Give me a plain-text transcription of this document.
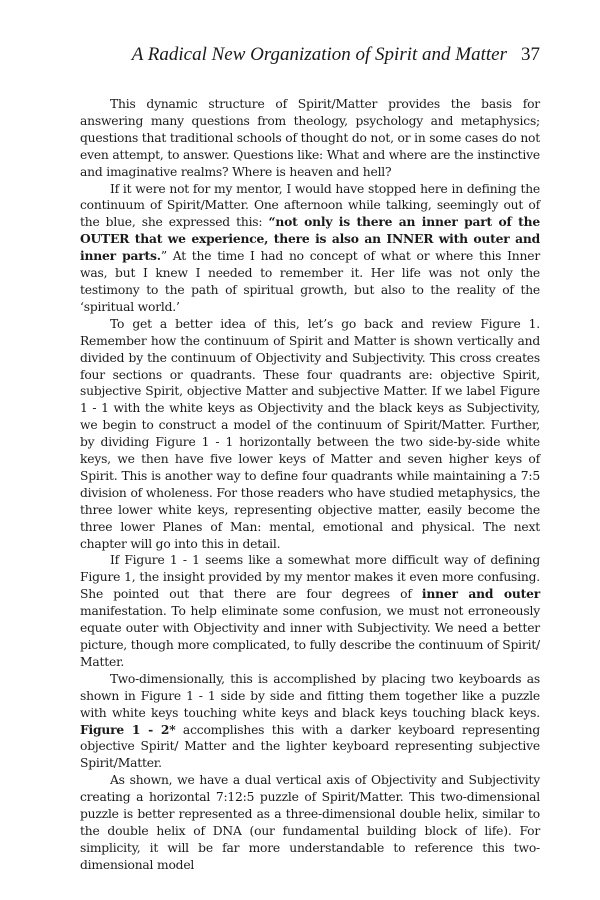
A Radical New Organization of Spirit and Matter 37

This dynamic structure of Spirit/Matter provides the basis for answering many questions from theology, psychology and metaphysics; questions that traditional schools of thought do not, or in some cases do not even attempt, to answer. Questions like: What and where are the instinctive and imaginative realms? Where is heaven and hell?

If it were not for my mentor, I would have stopped here in defining the continuum of Spirit/Matter. One afternoon while talking, seemingly out of the blue, she expressed this: “not only is there an inner part of the OUTER that we experience, there is also an INNER with outer and inner parts.” At the time I had no concept of what or where this Inner was, but I knew I needed to remember it. Her life was not only the testimony to the path of spiritual growth, but also to the reality of the ‘spiritual world.’

To get a better idea of this, let’s go back and review Figure 1. Remember how the continuum of Spirit and Matter is shown vertically and divided by the continuum of Objectivity and Subjectivity. This cross creates four sections or quadrants. These four quadrants are: objective Spirit, subjective Spirit, objective Matter and subjective Matter. If we label Figure 1 - 1 with the white keys as Objectivity and the black keys as Subjectivity, we begin to construct a model of the continuum of Spirit/Matter. Further, by dividing Figure 1 - 1 horizontally between the two side-by-side white keys, we then have five lower keys of Matter and seven higher keys of Spirit. This is another way to define four quadrants while maintaining a 7:5 division of wholeness. For those readers who have studied metaphysics, the three lower white keys, representing objective matter, easily become the three lower Planes of Man: mental, emotional and physical. The next chapter will go into this in detail.

If Figure 1 - 1 seems like a somewhat more difficult way of defining Figure 1, the insight provided by my mentor makes it even more confusing. She pointed out that there are four degrees of inner and outer manifestation. To help eliminate some confusion, we must not erroneously equate outer with Objectivity and inner with Subjectivity. We need a better picture, though more complicated, to fully describe the continuum of Spirit/ Matter.

Two-dimensionally, this is accomplished by placing two keyboards as shown in Figure 1 - 1 side by side and fitting them together like a puzzle with white keys touching white keys and black keys touching black keys. Figure 1 - 2* accomplishes this with a darker keyboard representing objective Spirit/ Matter and the lighter keyboard representing subjective Spirit/Matter.

As shown, we have a dual vertical axis of Objectivity and Subjectivity creating a horizontal 7:12:5 puzzle of Spirit/Matter. This two-dimensional puzzle is better represented as a three-dimensional double helix, similar to the double helix of DNA (our fundamental building block of life). For simplicity, it will be far more understandable to reference this two-dimensional model
